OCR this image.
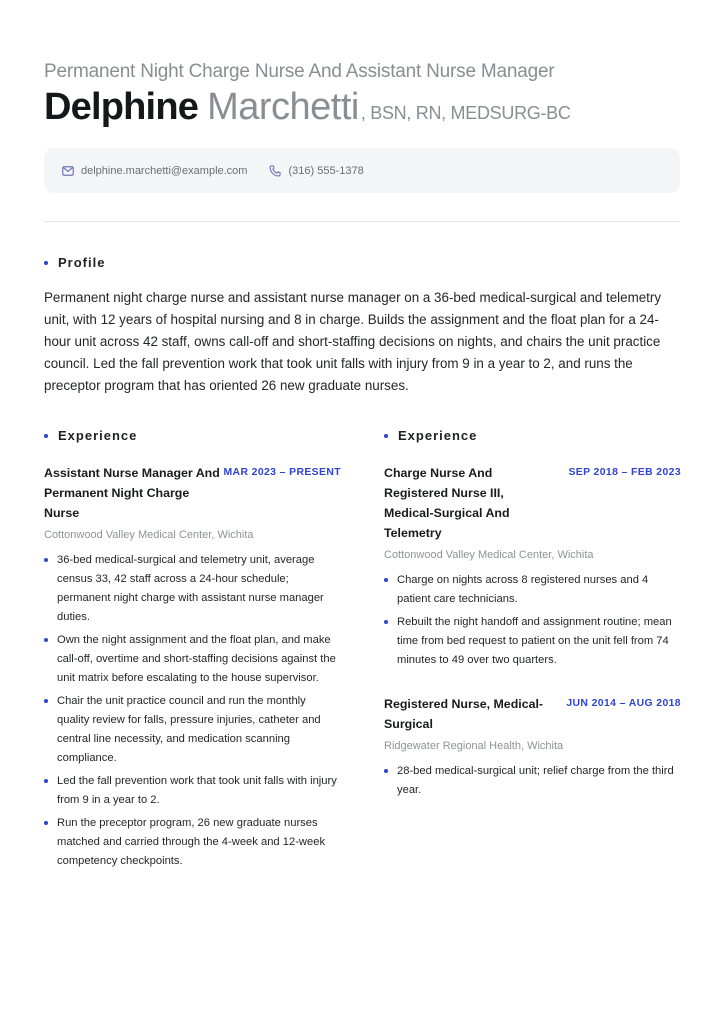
Permanent Night Charge Nurse And Assistant Nurse Manager
Delphine Marchetti , BSN, RN, MEDSURG-BC
delphine.marchetti@example.com	(316) 555-1378
Profile

Permanent night charge nurse and assistant nurse manager on a 36-bed medical-surgical and telemetry unit, with 12 years of hospital nursing and 8 in charge. Builds the assignment and the float plan for a 24-hour unit across 42 staff, owns call-off and short-staffing decisions on nights, and chairs the unit practice council. Led the fall prevention work that took unit falls with injury from 9 in a year to 2, and runs the preceptor program that has oriented 26 new graduate nurses.

Experience	Experience
Assistant Nurse Manager And Permanent Night Charge Nurse
MAR 2023 – PRESENT
Cottonwood Valley Medical Center, Wichita
36-bed medical-surgical and telemetry unit, average census 33, 42 staff across a 24-hour schedule; permanent night charge with assistant nurse manager duties.
Own the night assignment and the float plan, and make call-off, overtime and short-staffing decisions against the unit matrix before escalating to the house supervisor.
Chair the unit practice council and run the monthly quality review for falls, pressure injuries, catheter and central line necessity, and medication scanning compliance.
Led the fall prevention work that took unit falls with injury from 9 in a year to 2.
Run the preceptor program, 26 new graduate nurses matched and carried through the 4-week and 12-week competency checkpoints.
Charge Nurse And Registered Nurse III, Medical-Surgical And Telemetry
SEP 2018 – FEB 2023
Cottonwood Valley Medical Center, Wichita
Charge on nights across 8 registered nurses and 4 patient care technicians.
Rebuilt the night handoff and assignment routine; mean time from bed request to patient on the unit fell from 74 minutes to 49 over two quarters.
Registered Nurse, Medical-Surgical
JUN 2014 – AUG 2018
Ridgewater Regional Health, Wichita
28-bed medical-surgical unit; relief charge from the third year.
